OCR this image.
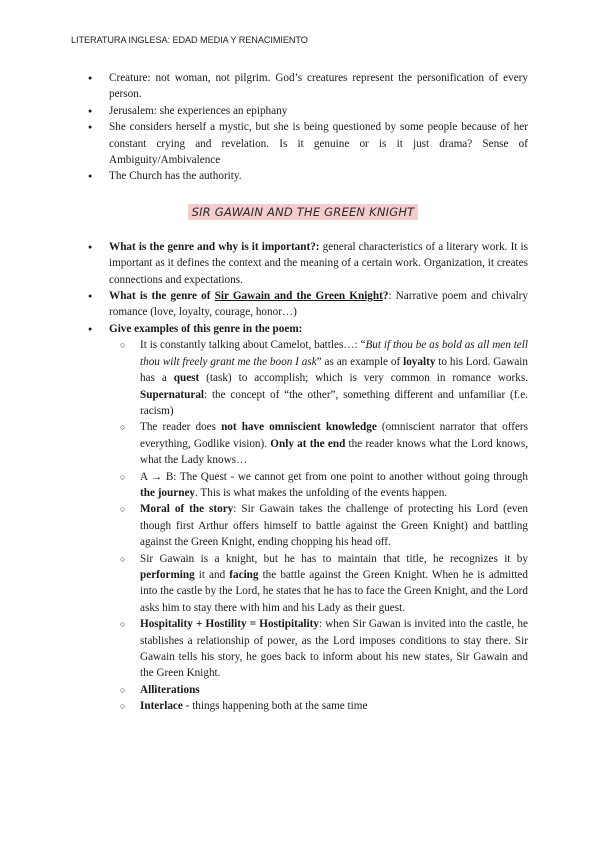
LITERATURA INGLESA: EDAD MEDIA Y RENACIMIENTO
● Creature: not woman, not pilgrim. God’s creatures represent the personification of every person.
● Jerusalem: she experiences an epiphany
● She considers herself a mystic, but she is being questioned by some people because of her constant crying and revelation. Is it genuine or is it just drama? Sense of Ambiguity/Ambivalence
● The Church has the authority.
SIR GAWAIN AND THE GREEN KNIGHT
● What is the genre and why is it important?: general characteristics of a literary work. It is important as it defines the context and the meaning of a certain work. Organization, it creates connections and expectations.
● What is the genre of Sir Gawain and the Green Knight?: Narrative poem and chivalry romance (love, loyalty, courage, honor…)
● Give examples of this genre in the poem:
○ It is constantly talking about Camelot, battles…: “But if thou be as bold as all men tell thou wilt freely grant me the boon I ask” as an example of loyalty to his Lord. Gawain has a quest (task) to accomplish; which is very common in romance works. Supernatural: the concept of “the other”, something different and unfamiliar (f.e. racism)
○ The reader does not have omniscient knowledge (omniscient narrator that offers everything, Godlike vision). Only at the end the reader knows what the Lord knows, what the Lady knows…
○ A → B: The Quest - we cannot get from one point to another without going through the journey. This is what makes the unfolding of the events happen.
○ Moral of the story: Sir Gawain takes the challenge of protecting his Lord (even though first Arthur offers himself to battle against the Green Knight) and battling against the Green Knight, ending chopping his head off.
○ Sir Gawain is a knight, but he has to maintain that title, he recognizes it by performing it and facing the battle against the Green Knight. When he is admitted into the castle by the Lord, he states that he has to face the Green Knight, and the Lord asks him to stay there with him and his Lady as their guest.
○ Hospitality + Hostility = Hostipitality: when Sir Gawan is invited into the castle, he stablishes a relationship of power, as the Lord imposes conditions to stay there. Sir Gawain tells his story, he goes back to inform about his new states, Sir Gawain and the Green Knight.
○ Alliterations
○ Interlace - things happening both at the same time
